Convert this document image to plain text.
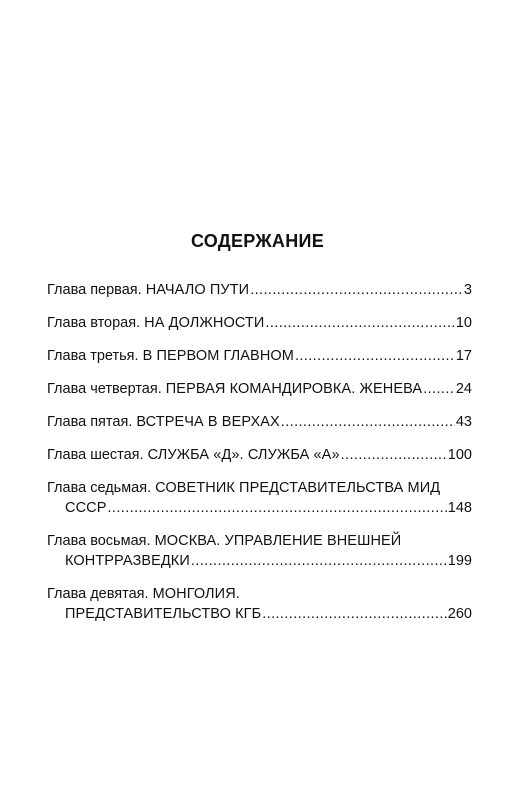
СОДЕРЖАНИЕ
Глава первая. НАЧАЛО ПУТИ .....	3
Глава вторая. НА ДОЛЖНОСТИ .....	10
Глава третья. В ПЕРВОМ ГЛАВНОМ .....	17
Глава четвертая. ПЕРВАЯ КОМАНДИРОВКА. ЖЕНЕВА ..... 24
Глава пятая. ВСТРЕЧА В ВЕРХАХ .....	43
Глава шестая. СЛУЖБА «Д». СЛУЖБА «А» .....	100
Глава седьмая. СОВЕТНИК ПРЕДСТАВИТЕЛЬСТВА МИД
СССР .....	148
Глава восьмая. МОСКВА. УПРАВЛЕНИЕ ВНЕШНЕЙ
КОНТРРАЗВЕДКИ .....	199
Глава девятая. МОНГОЛИЯ.
ПРЕДСТАВИТЕЛЬСТВО КГБ .....	260
